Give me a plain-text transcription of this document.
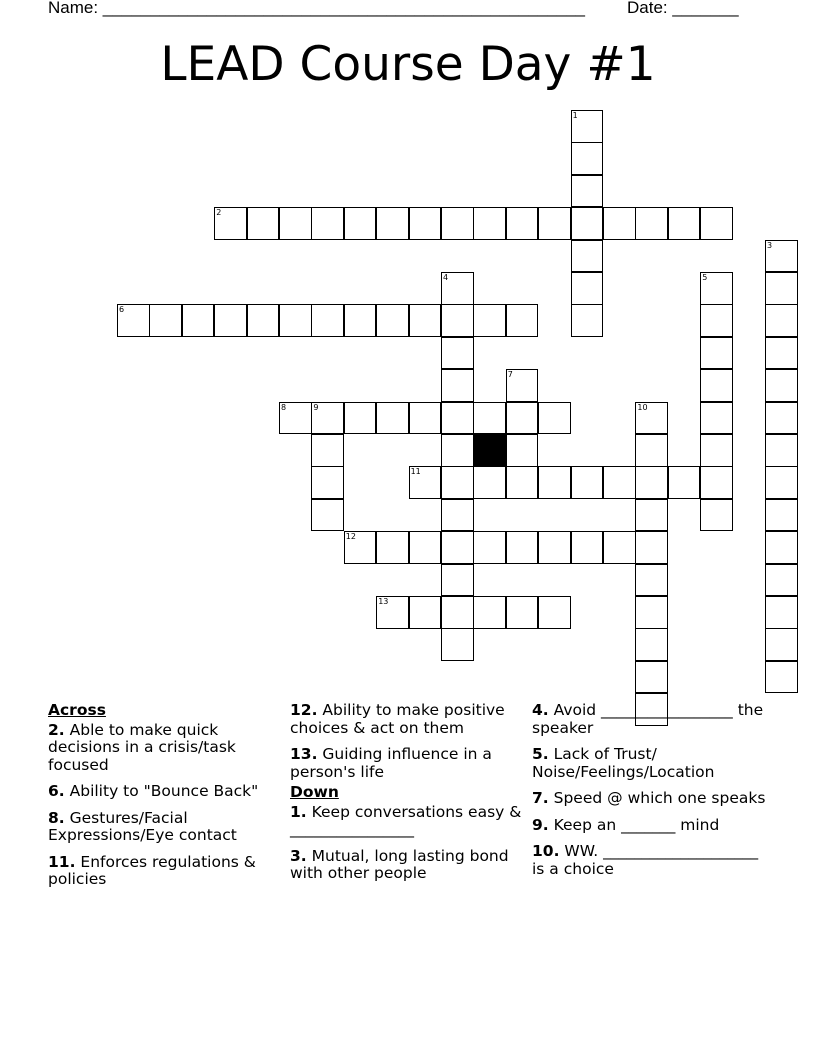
Name: ___________________________________________________ Date: _______
LEAD Course Day #1
1
2
3
4	5
6
7
8	9	10
11
12
13
Across
2. Able to make quick decisions in a crisis/task focused
6. Ability to "Bounce Back"
8. Gestures/Facial Expressions/Eye contact
11. Enforces regulations & policies
12. Ability to make positive choices & act on them
13. Guiding influence in a person's life
Down
1. Keep conversations easy & ________________
3. Mutual, long lasting bond with other people
4. Avoid _________________ the speaker
5. Lack of Trust/ Noise/Feelings/Location
7. Speed @ which one speaks
9. Keep an _______ mind
10. WW. ____________________ is a choice
